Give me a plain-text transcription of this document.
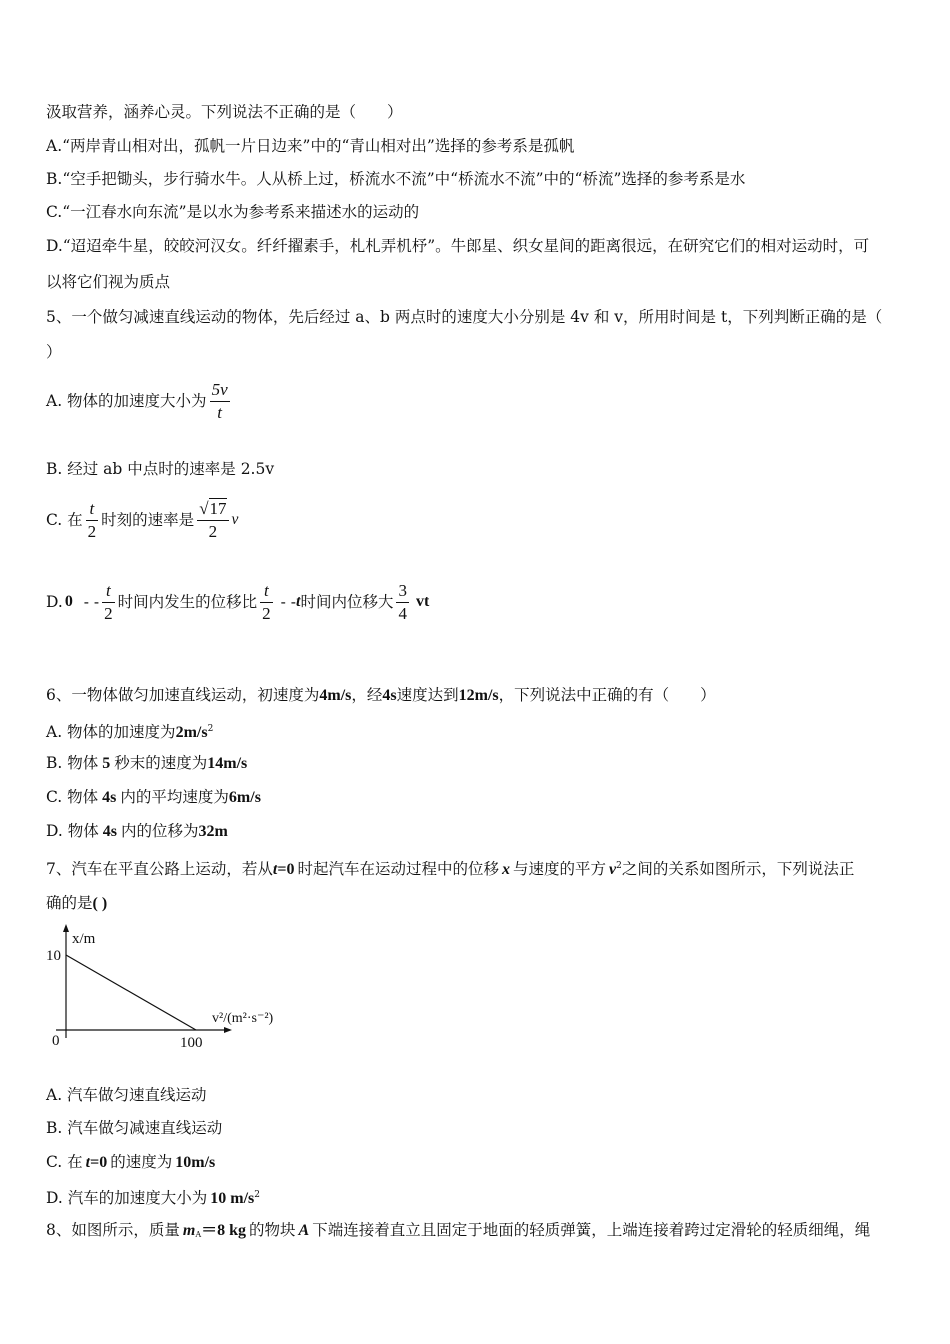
汲取营养，涵养心灵。下列说法不正确的是（　　）
A.“两岸青山相对出，孤帆一片日边来”中的“青山相对出”选择的参考系是孤帆
B.“空手把锄头，步行骑水牛。人从桥上过，桥流水不流”中“桥流水不流”中的“桥流”选择的参考系是水
C.“一江春水向东流”是以水为参考系来描述水的运动的
D.“迢迢牵牛星，皎皎河汉女。纤纤擢素手，札札弄机杼”。牛郎星、织女星间的距离很远，在研究它们的相对运动时，可
以将它们视为质点
5、一个做匀减速直线运动的物体，先后经过 a、b 两点时的速度大小分别是 4v 和 v，所用时间是 t，下列判断正确的是（
）
A. 物体的加速度大小为 $\frac{5v}{t}$
B. 经过 ab 中点时的速率是 2.5v
C. 在 $\frac{t}{2}$ 时刻的速率是 $\frac{√17}{2}$ v
D. 0 - - $\frac{t}{2}$ 时间内发生的位移比 $\frac{t}{2} - -t$时间内位移大 $\frac{3}{4}$ vt
6、一物体做匀加速直线运动，初速度为4m/s，经4s速度达到12m/s，下列说法中正确的有（　　）
A. 物体的加速度为$2m/s^2$
B. 物体 5 秒末的速度为14m/s
C. 物体 4s 内的平均速度为6m/s
D. 物体 4s 内的位移为32m
7、汽车在平直公路上运动，若从t=0 时起汽车在运动过程中的位移 x 与速度的平方 $v^2$之间的关系如图所示，下列说法正
确的是( )
x/m
10
0	100
v²/(m²·s⁻²)
A. 汽车做匀速直线运动
B. 汽车做匀减速直线运动
C. 在 t=0 的速度为 10m/s
D. 汽车的加速度大小为 10 $m/s^2$
8、如图所示，质量 $m_A=8$ kg 的物块 A 下端连接着直立且固定于地面的轻质弹簧，上端连接着跨过定滑轮的轻质细绳，绳
